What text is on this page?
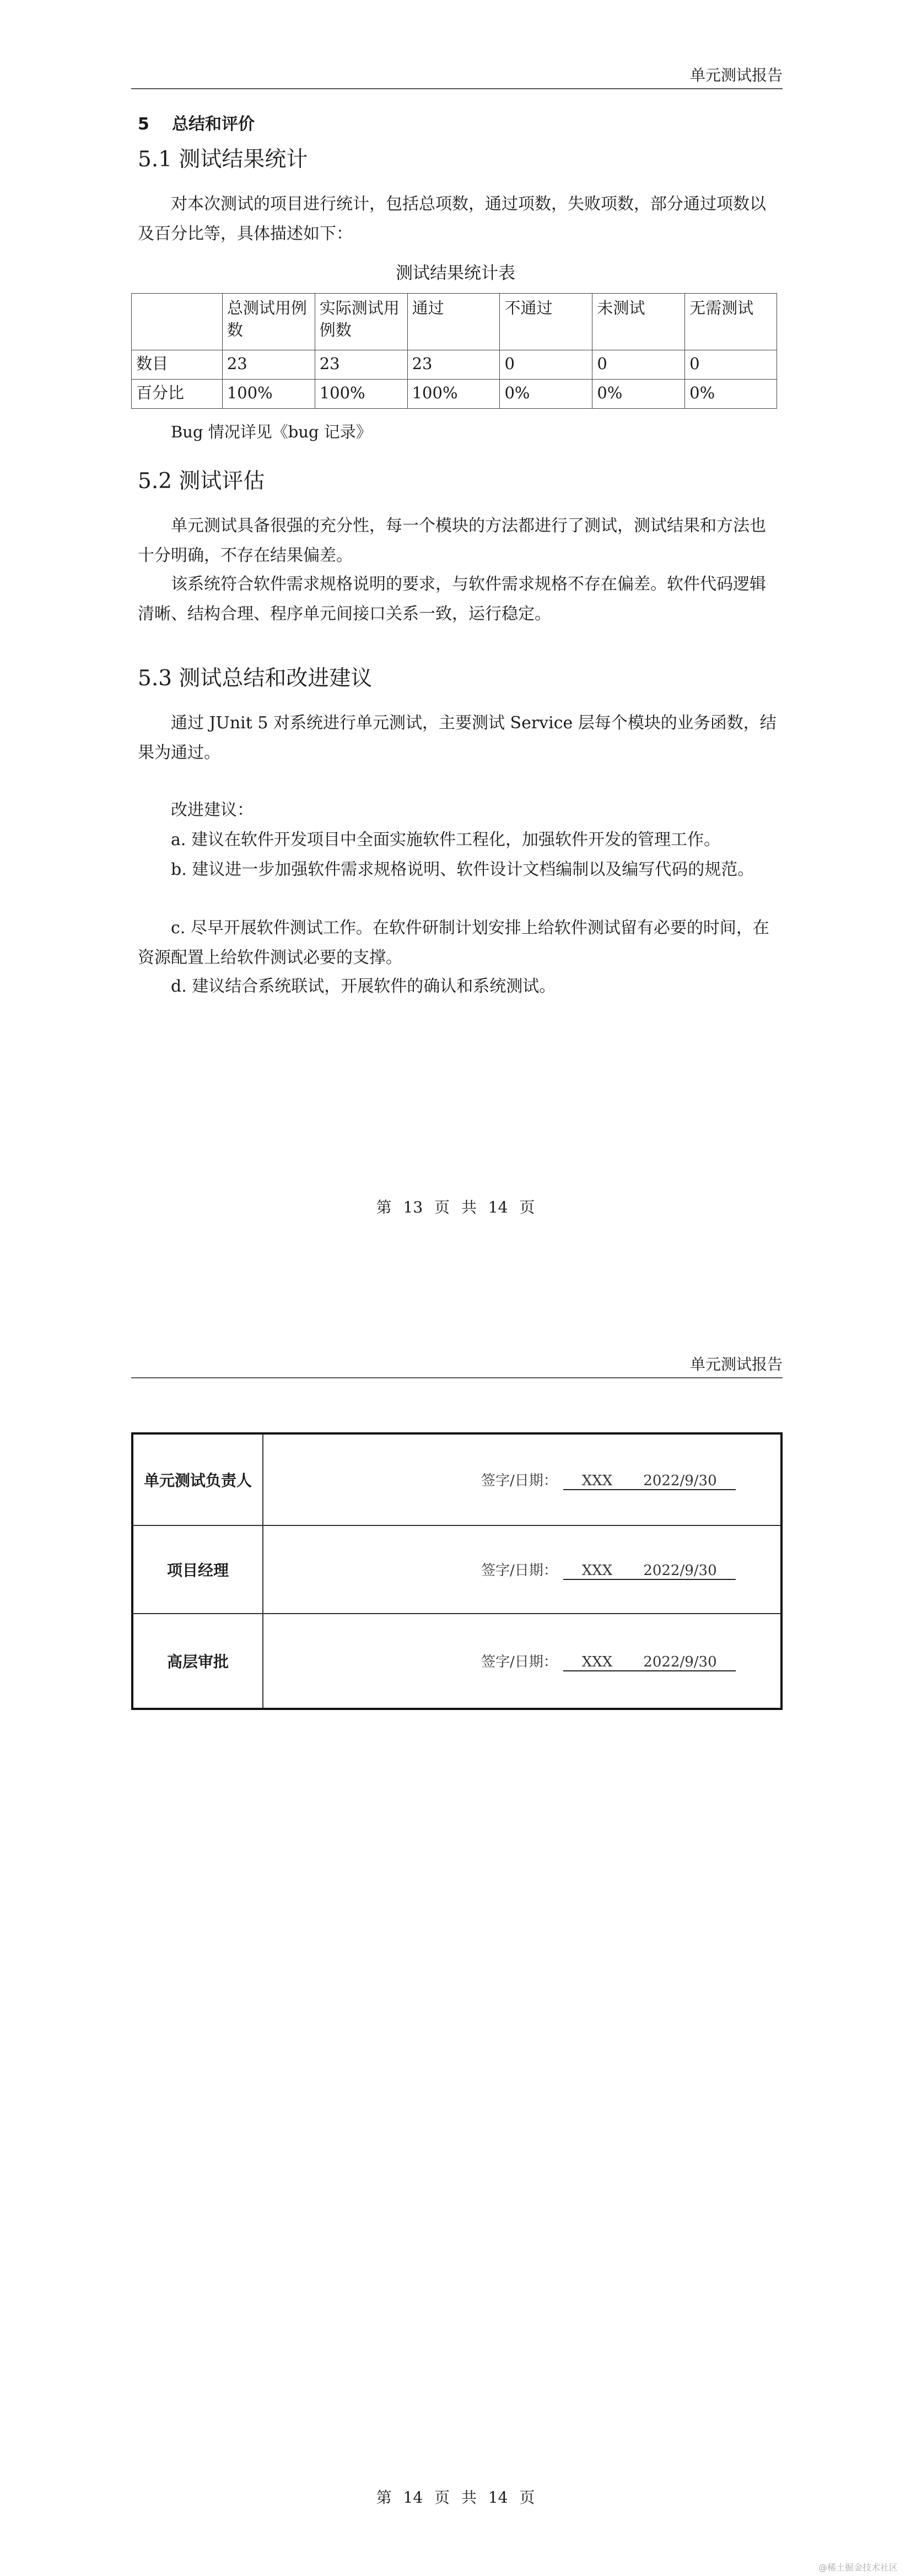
单元测试报告
5 总结和评价
5.1 测试结果统计
对本次测试的项目进行统计，包括总项数，通过项数，失败项数，部分通过项数以及百分比等，具体描述如下：
测试结果统计表
	总测试用例数	实际测试用例数	通过	不通过	未测试	无需测试
数目	23	23	23	0	0	0
百分比	100%	100%	100%	0%	0%	0%
Bug 情况详见《bug 记录》
5.2 测试评估
单元测试具备很强的充分性，每一个模块的方法都进行了测试，测试结果和方法也十分明确，不存在结果偏差。
该系统符合软件需求规格说明的要求，与软件需求规格不存在偏差。软件代码逻辑清晰、结构合理、程序单元间接口关系一致，运行稳定。
5.3 测试总结和改进建议
通过 JUnit 5 对系统进行单元测试，主要测试 Service 层每个模块的业务函数，结果为通过。
改进建议：
a. 建议在软件开发项目中全面实施软件工程化，加强软件开发的管理工作。
b. 建议进一步加强软件需求规格说明、软件设计文档编制以及编写代码的规范。
c. 尽早开展软件测试工作。在软件研制计划安排上给软件测试留有必要的时间，在资源配置上给软件测试必要的支撑。
d. 建议结合系统联试，开展软件的确认和系统测试。
第 13 页 共 14 页
单元测试报告
第 14 页 共 14 页
单元测试负责人	签字/日期： XXX 2022/9/30
项目经理	签字/日期： XXX 2022/9/30
高层审批	签字/日期： XXX 2022/9/30
@稀土掘金技术社区
